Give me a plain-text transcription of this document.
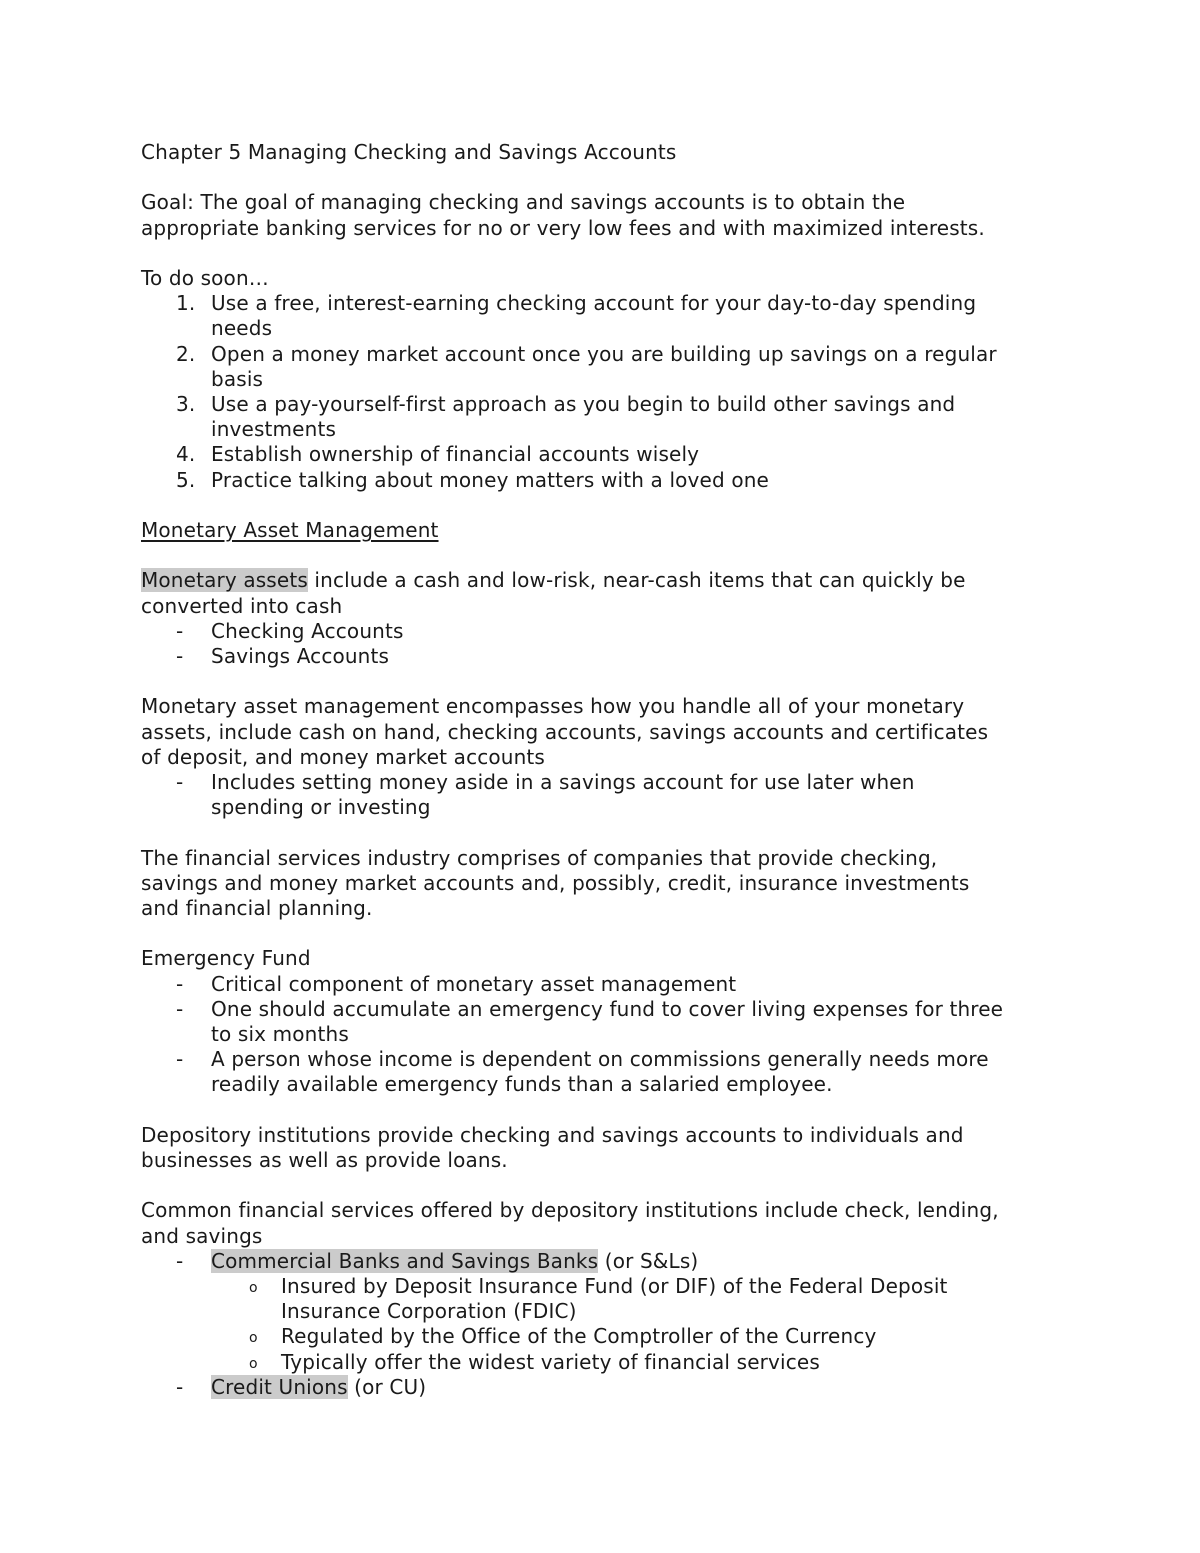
Chapter 5 Managing Checking and Savings Accounts

Goal: The goal of managing checking and savings accounts is to obtain the

appropriate banking services for no or very low fees and with maximized interests.

To do soon…

1. Use a free, interest-earning checking account for your day-to-day spending
needs
2. Open a money market account once you are building up savings on a regular
basis
3. Use a pay-yourself-first approach as you begin to build other savings and
investments
4. Establish ownership of financial accounts wisely
5. Practice talking about money matters with a loved one

Monetary Asset Management

Monetary assets include a cash and low-risk, near-cash items that can quickly be

converted into cash

- Checking Accounts
- Savings Accounts

Monetary asset management encompasses how you handle all of your monetary

assets, include cash on hand, checking accounts, savings accounts and certificates

of deposit, and money market accounts

- Includes setting money aside in a savings account for use later when
spending or investing

The financial services industry comprises of companies that provide checking,

savings and money market accounts and, possibly, credit, insurance investments

and financial planning.

Emergency Fund

- Critical component of monetary asset management
- One should accumulate an emergency fund to cover living expenses for three
to six months
- A person whose income is dependent on commissions generally needs more
readily available emergency funds than a salaried employee.

Depository institutions provide checking and savings accounts to individuals and

businesses as well as provide loans.

Common financial services offered by depository institutions include check, lending,

and savings

- Commercial Banks and Savings Banks (or S&Ls)
o Insured by Deposit Insurance Fund (or DIF) of the Federal Deposit
Insurance Corporation (FDIC)
o Regulated by the Office of the Comptroller of the Currency
o Typically offer the widest variety of financial services
- Credit Unions (or CU)
